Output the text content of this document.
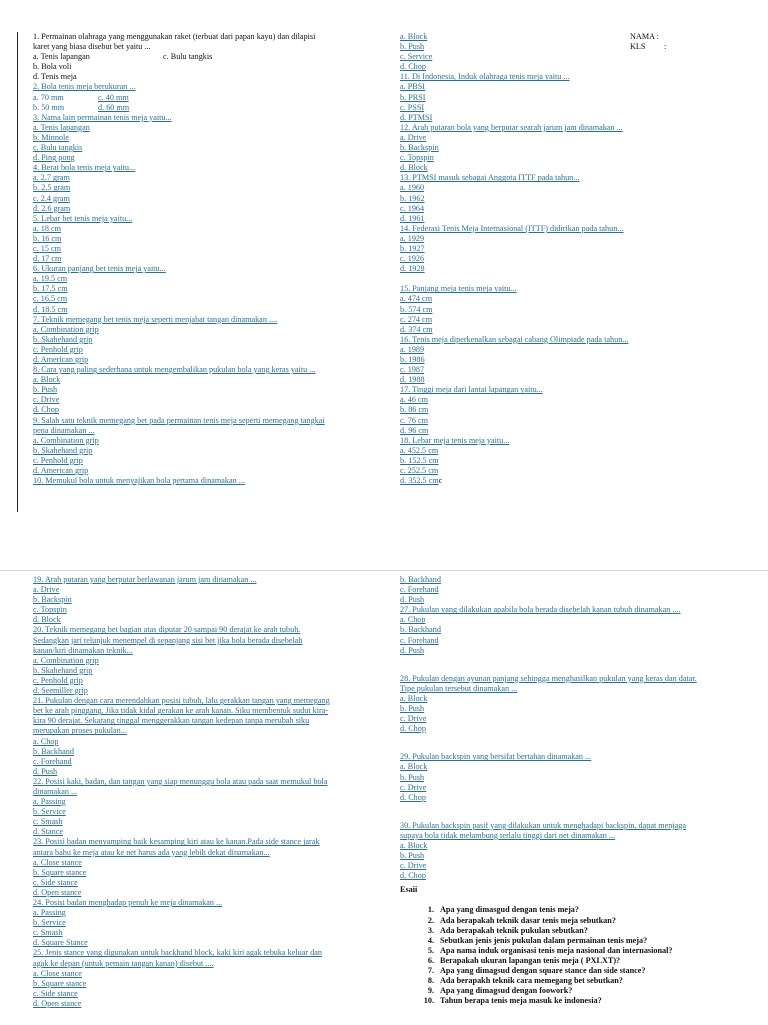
1. Permainan olahraga yang menggunakan raket (terbuat dari papan kayu) dan dilapisi
karet yang biasa disebut bet yaitu ...
a. Tenis lapangan	c. Bulu tangkis
b. Bola voli
d. Tenis meja
2. Bola tenis meja berukuran ...
a. 70 mm	c. 40 mm
b. 50 mm	d. 60 mm
3. Nama lain permainan tenis meja yaitu...
a. Tenis lapangan
b. Minnole
c. Bulu tangkis
d. Ping pong
4. Berat bola tenis meja yaitu...
a. 2.7 gram
b. 2.5 gram
c. 2.4 gram
d. 2.6 gram
5. Lebar bet tenis meja yaitu...
a. 18 cm
b. 16 cm
c. 15 cm
d. 17 cm
6. Ukuran panjang bet tenis meja yaitu...
a. 19.5 cm
b. 17.5 cm
c. 16.5 cm
d. 18.5 cm
7. Teknik memegang bet tenis meja seperti menjabat tangan dinamakan ....
a. Combination grip
b. Skahehand grip
c. Penhold grip
d. American grip
8. Cara yang paling sederhana untuk mengembalikan pukulan bola yang keras yaitu ...
a. Block
b. Push
c. Drive
d. Chop
9. Salah satu teknik memegang bet pada permainan tenis meja seperti memegang tangkai
pena dinamakan ...
a. Combination grip
b. Skahehand grip
c. Penhold grip
d. American grip
10. Memukul bola untuk menyajikan bola pertama dinamakan ...
a. Block
b. Push
c. Service
d. Chop
11. Di Indonesia, Induk olahraga tenis meja yaitu ...
a. PBSI
b. PRSI
c. PSSI
d. PTMSI
12. Arah putaran bola yang berputar searah jarum jam dinamakan ...
a. Drive
b. Backspin
c. Topspin
d. Block
13. PTMSI masuk sebagai Anggota ITTF pada tahun...
a. 1960
b. 1962
c. 1964
d. 1961
14. Federasi Tenis Meja Internasional (ITTF) didirikan pada tahun...
a. 1929
b. 1927
c. 1926
d. 1928
15. Panjang meja tenis meja yaitu...
a. 474 cm
b. 574 cm
c. 274 cm
d. 374 cm
16. Tenis meja diperkenalkan sebagai cabang Olimpiade pada tahun...
a. 1989
b. 1986
c. 1987
d. 1988
17. Tinggi meja dari lantai lapangan yaitu...
a. 46 cm
b. 86 cm
c. 76 cm
d. 96 cm
18. Lebar meja tenis meja yaitu...
a. 452.5 cm
b. 152.5 cm
c. 252.5 cm
d. 352.5 cmc
NAMA :
KLS :
19. Arah putaran yang berputar berlawanan jarum jam dinamakan ...
a. Drive
b. Backspin
c. Topspin
d. Block
20. Teknik memegang bet bagian atas diputar 20 sampai 90 derajat ke arah tubuh.
Sedangkan jari telunjuk menempel di sepanjang sisi bet jika bola berada disebelah
kanan/kiri dinamakan teknik...
a. Combination grip
b. Skahehand grip
c. Penhold grip
d. Seemiller grip
21. Pukulan dengan cara merendahkan posisi tubuh, lalu gerakkan tangan yang memegang
bet ke arah pinggang. Jika tidak kidal gerakan ke arah kanan. Siku membentuk sudut kira-
kira 90 derajat. Sekarang tinggal menggerakkan tangan kedepan tanpa merubah siku
merupakan proses pukulan...
a. Chop
b. Backhand
c. Forehand
d. Push
22. Posisi kaki, badan, dan tangan yang siap menunggu bola atau pada saat memukul bola
dinamakan ...
a. Passing
b. Service
c. Smash
d. Stance
23. Posisi badan menyamping baik kesamping kiri atau ke kanan.Pada side stance jarak
antara bahu ke meja atau ke net harus ada yang lebih dekat dinamakan...
a. Close stance
b. Square stance
c. Side stance
d. Open stance
24. Posisi badan menghadap penuh ke meja dinamakan ...
a. Passing
b. Service
c. Smash
d. Square Stance
25. Jenis stance yang digunakan untuk backhand block, kaki kiri agak tebuka keluar dan
agak ke depan (untuk pemain tangan kanan) disebut ....
a. Close stance
b. Square stance
c. Side stance
d. Open stance
b. Backhand
c. Forehand
d. Push
27. Pukulan yang dilakukan apabila bola berada disebelah kanan tubuh dinamakan ....
a. Chop
b. Backhand
c. Forehand
d. Push
28. Pukulan dengan ayunan panjang sehingga menghasilkan pukulan yang keras dan datar.
Tipe pukulan tersebut dinamakan ...
a. Block
b. Push
c. Drive
d. Chop
29. Pukulan backspin yang bersifat bertahan dinamakan ...
a. Block
b. Push
c. Drive
d. Chop
30. Pukulan backspin pasif yang dilakukan untuk menghadapi backspin, dapat menjaga
supaya bola tidak melambung terlalu tinggi dari net dinamakan ...
a. Block
b. Push
c. Drive
d. Chop
Esaii
1. Apa yang dimasgud dengan tenis meja?
2. Ada berapakah teknik dasar tenis meja sebutkan?
3. Ada berapakah teknik pukulan sebutkan?
4. Sebutkan jenis jenis pukulan dalam permainan tenis meja?
5. Apa nama induk organisasi tenis meja nasional dan internasional?
6. Berapakah ukuran lapangan tenis meja ( PXLXT)?
7. Apa yang dimagsud dengan square stance dan side stance?
8. Ada berapakh teknik cara memegang bet sebutkan?
9. Apa yang dimagsud dengan foowork?
10. Tahun berapa tenis meja masuk ke indonesia?
